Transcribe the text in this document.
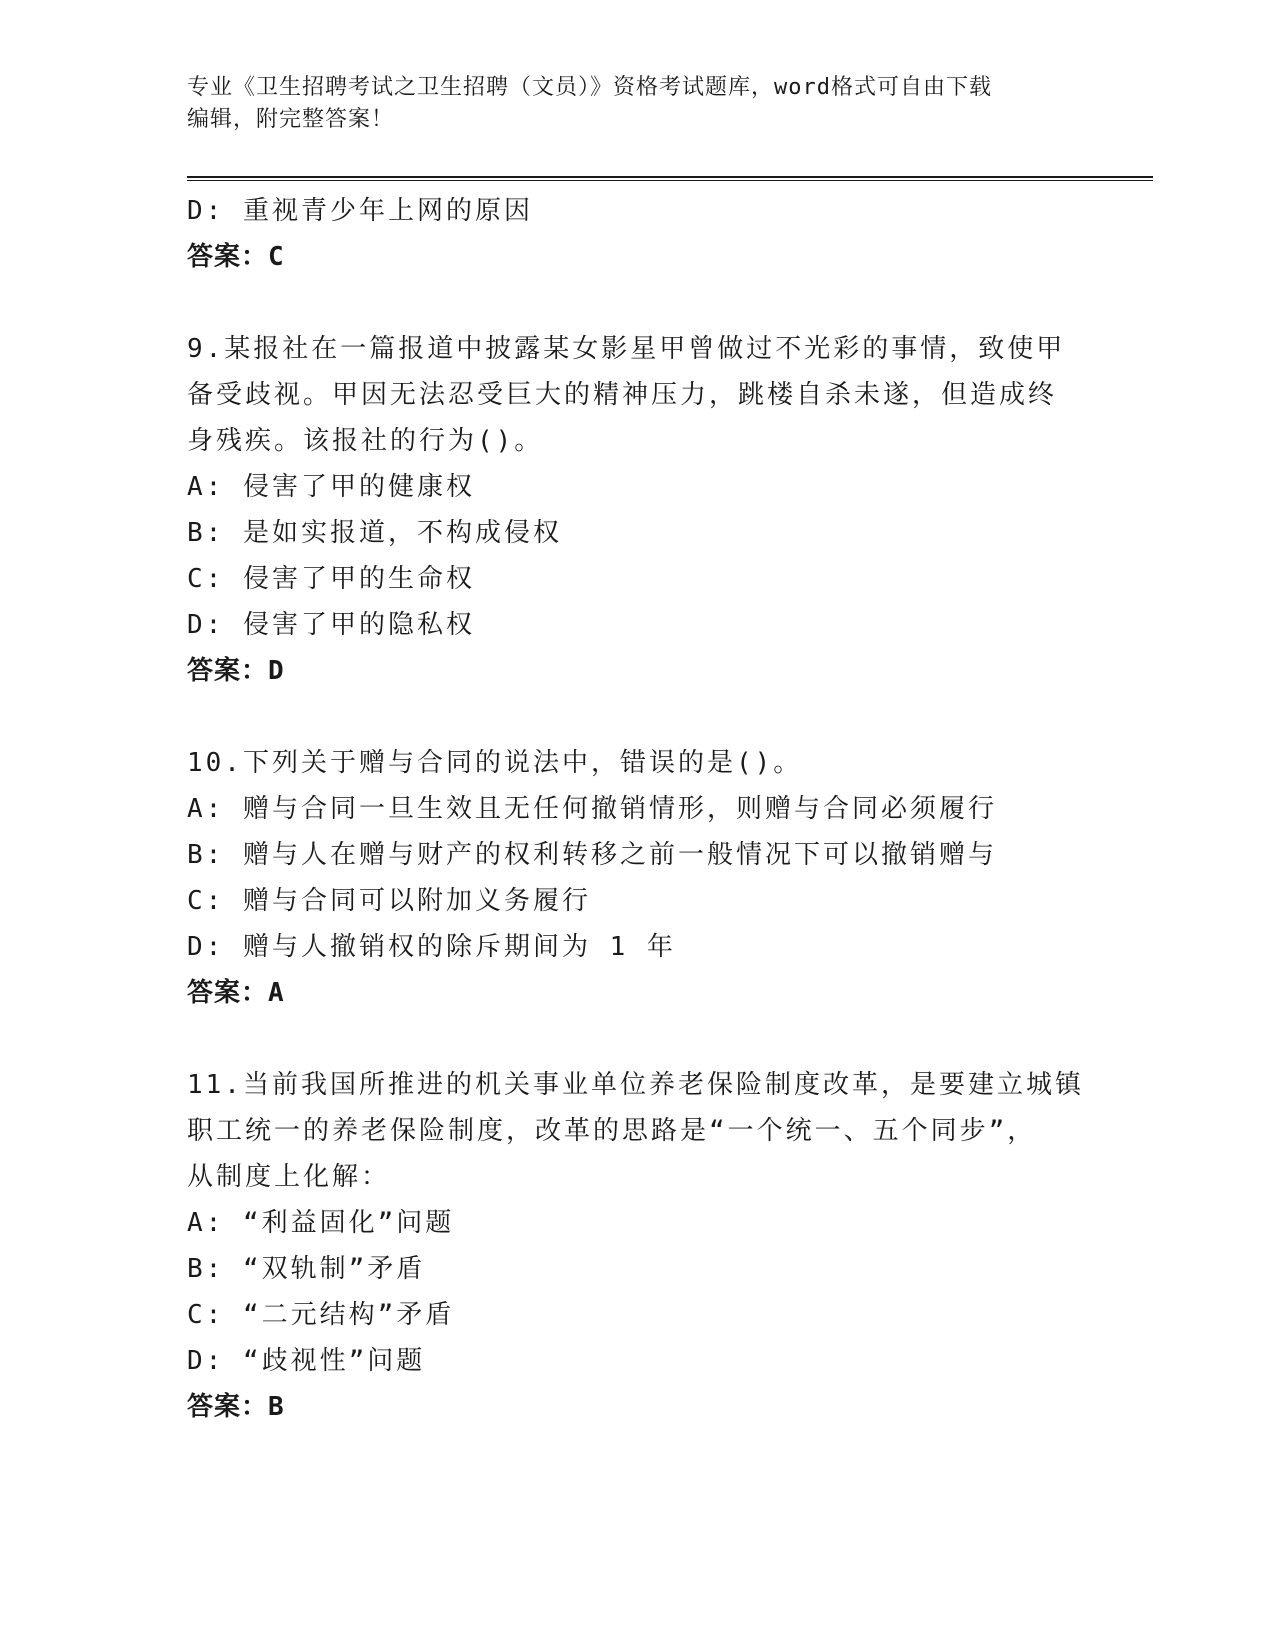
专业《卫生招聘考试之卫生招聘（文员）》资格考试题库，word格式可自由下载
编辑，附完整答案！
D: 重视青少年上网的原因
答案：C
9.某报社在一篇报道中披露某女影星甲曾做过不光彩的事情，致使甲
备受歧视。甲因无法忍受巨大的精神压力，跳楼自杀未遂，但造成终
身残疾。该报社的行为()。
A: 侵害了甲的健康权
B: 是如实报道，不构成侵权
C: 侵害了甲的生命权
D: 侵害了甲的隐私权
答案：D
10.下列关于赠与合同的说法中，错误的是()。
A: 赠与合同一旦生效且无任何撤销情形，则赠与合同必须履行
B: 赠与人在赠与财产的权利转移之前一般情况下可以撤销赠与
C: 赠与合同可以附加义务履行
D: 赠与人撤销权的除斥期间为 1 年
答案：A
11.当前我国所推进的机关事业单位养老保险制度改革，是要建立城镇
职工统一的养老保险制度，改革的思路是“一个统一、五个同步”，
从制度上化解：
A: “利益固化”问题
B: “双轨制”矛盾
C: “二元结构”矛盾
D: “歧视性”问题
答案：B
